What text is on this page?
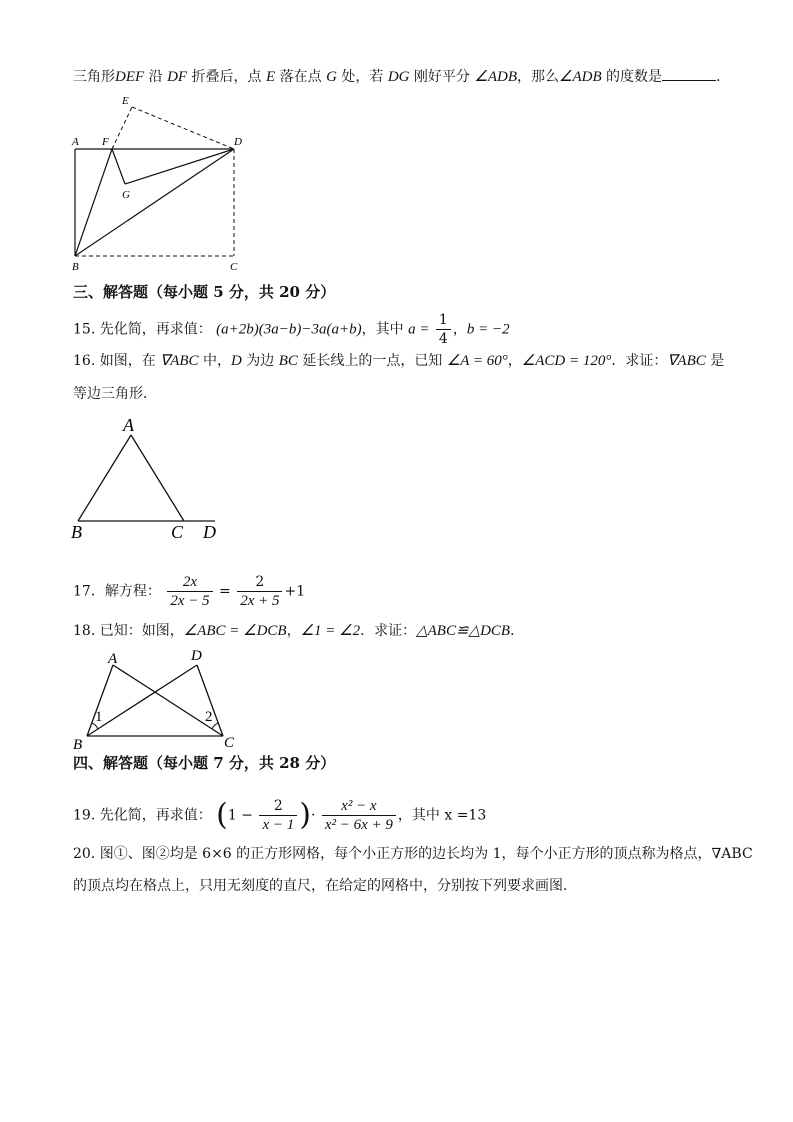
三角形DEF 沿 DF 折叠后，点 E 落在点 G 处，若 DG 刚好平分 ∠ADB，那么∠ADB 的度数是	．
E
A F	D
G
B	C
三、解答题（每小题 5 分，共 20 分）
15. 先化简，再求值： (a+2b)(3a−b)−3a(a+b)，其中 $a = \frac{1}{4}$ ，b = −2
16. 如图，在 ∇ABC 中，D 为边 BC 延长线上的一点，已知 ∠A = 60°，∠ACD = 120°．求证：∇ABC 是
等边三角形．
A
B	C D
17．解方程： $\frac{2x}{2x - 5} = \frac{2}{2x + 5} +1$
18. 已知：如图，∠ABC = ∠DCB，∠1 = ∠2．求证：△ABC≌△DCB．
A	D
B	C
1	2
四、解答题（每小题 7 分，共 28 分）
19. 先化简，再求值： ($1 - \frac{2}{x - 1}$ )· $\frac{\text{x² − x}}{\text{x² − 6x + 9}}$ ，其中 x =13
20. 图①、图②均是 6×6 的正方形网格，每个小正方形的边长均为 1，每个小正方形的顶点称为格点，∇ABC
的顶点均在格点上，只用无刻度的直尺，在给定的网格中，分别按下列要求画图．
